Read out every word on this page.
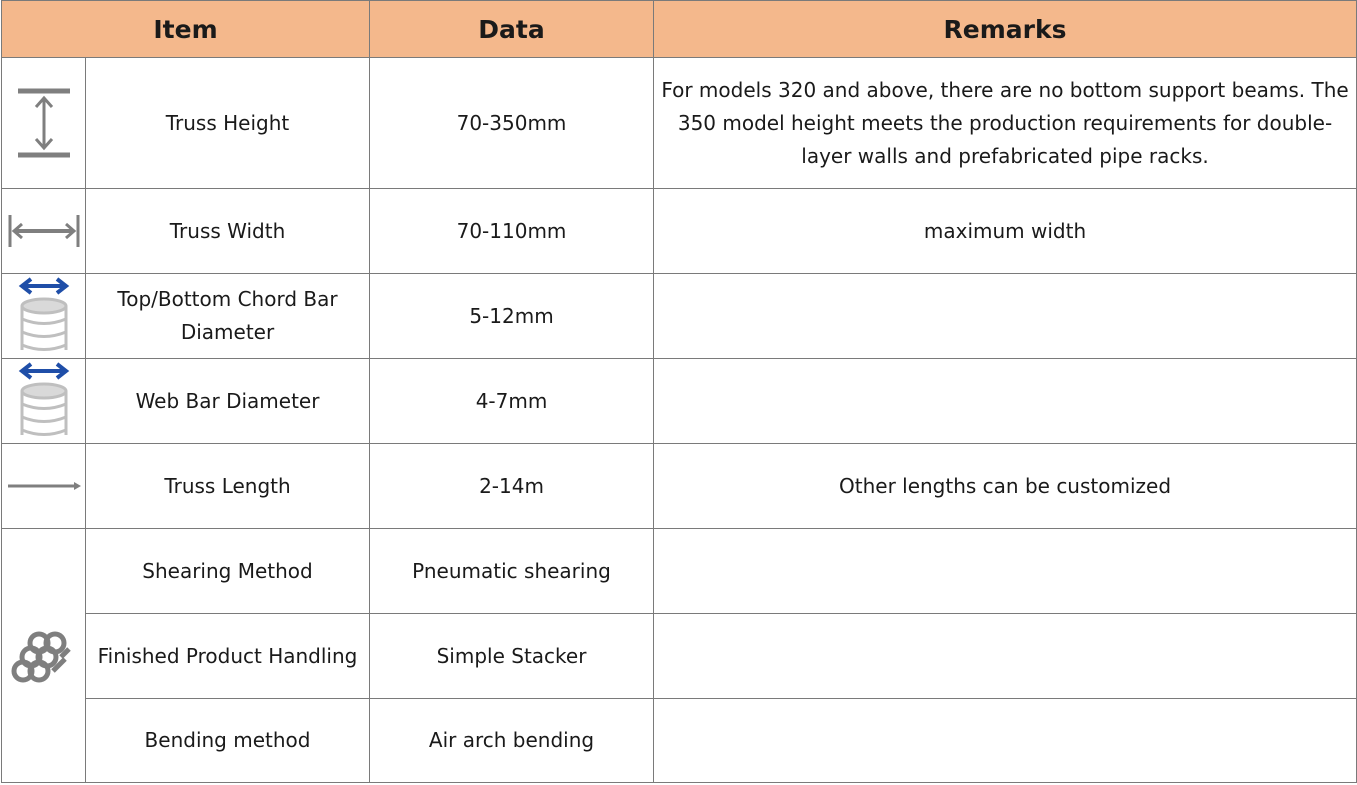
Item		Data	Remarks

	Truss Height	70-350mm	For models 320 and above, there are no bottom support beams. The 350 model height meets the production requirements for double-layer walls and prefabricated pipe racks.

	Truss Width	70-110mm	maximum width

	Top/Bottom Chord Bar Diameter	5-12mm	

	Web Bar Diameter	4-7mm	

	Truss Length	2-14m	Other lengths can be customized

	Shearing Method	Pneumatic shearing	
	Finished Product Handling	Simple Stacker	
	Bending method	Air arch bending	
